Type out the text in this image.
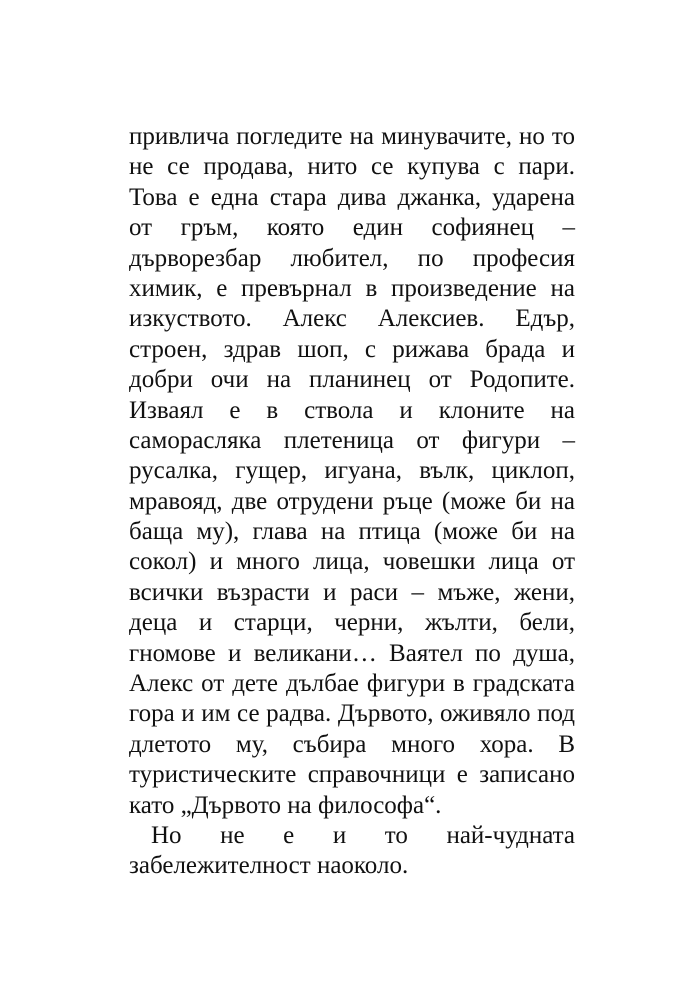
привлича погледите на минувачите, но то
не се продава, нито се купува с пари.
Това е една стара дива джанка, ударена
от гръм, която един софиянец –
дърворезбар любител, по професия
химик, е превърнал в произведение на
изкуството. Алекс Алексиев. Едър,
строен, здрав шоп, с рижава брада и
добри очи на планинец от Родопите.
Изваял е в ствола и клоните на
саморасляка плетеница от фигури –
русалка, гущер, игуана, вълк, циклоп,
мравояд, две отрудени ръце (може би на
баща му), глава на птица (може би на
сокол) и много лица, човешки лица от
всички възрасти и раси – мъже, жени,
деца и старци, черни, жълти, бели,
гномове и великани… Ваятел по душа,
Алекс от дете дълбае фигури в градската
гора и им се радва. Дървото, оживяло под
длетото му, събира много хора. В
туристическите справочници е записано
като „Дървото на философа“.
Но не е и то най-чудната
забележителност наоколо.
